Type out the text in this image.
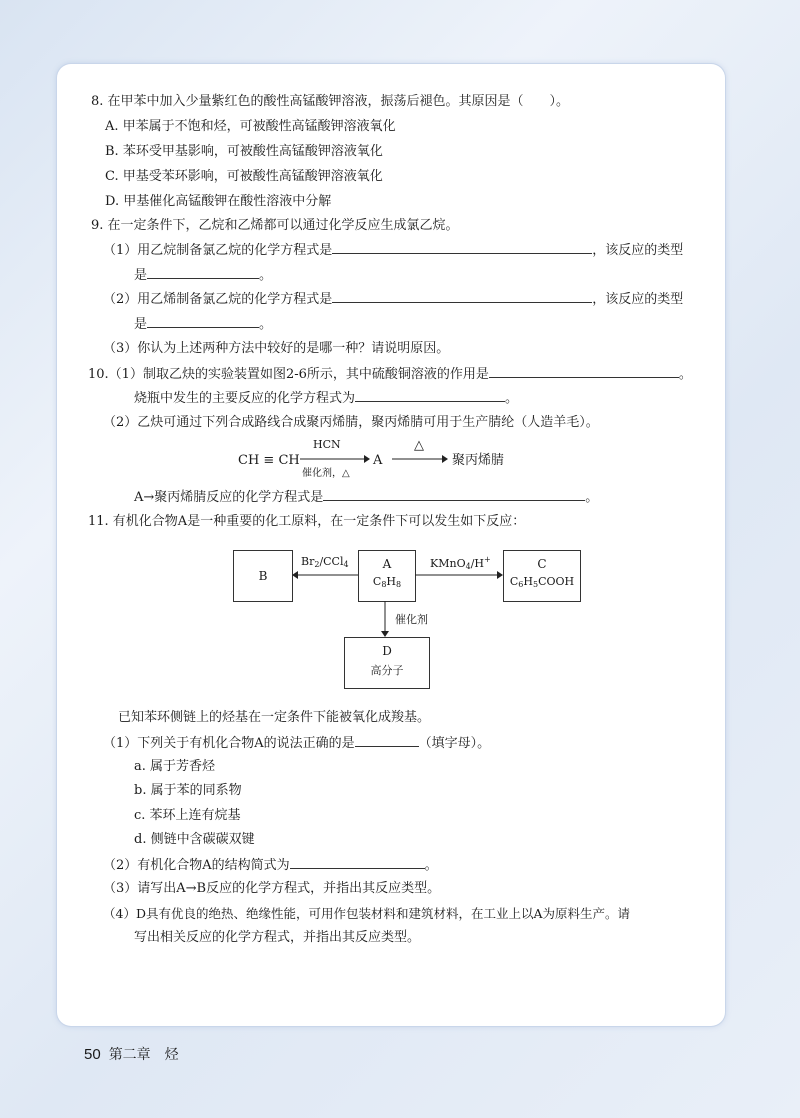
8. 在甲苯中加入少量紫红色的酸性高锰酸钾溶液，振荡后褪色。其原因是（　　）。
A. 甲苯属于不饱和烃，可被酸性高锰酸钾溶液氧化
B. 苯环受甲基影响，可被酸性高锰酸钾溶液氧化
C. 甲基受苯环影响，可被酸性高锰酸钾溶液氧化
D. 甲基催化高锰酸钾在酸性溶液中分解
9. 在一定条件下，乙烷和乙烯都可以通过化学反应生成氯乙烷。
（1）用乙烷制备氯乙烷的化学方程式是	，该反应的类型
是	。
（2）用乙烯制备氯乙烷的化学方程式是	，该反应的类型
是	。
（3）你认为上述两种方法中较好的是哪一种？请说明原因。
10.（1）制取乙炔的实验装置如图2-6所示，其中硫酸铜溶液的作用是	。
烧瓶中发生的主要反应的化学方程式为	。
（2）乙炔可通过下列合成路线合成聚丙烯腈，聚丙烯腈可用于生产腈纶（人造羊毛）。
CH ≡ CH
HCN
催化剂，△
A
△
→ 聚丙烯腈
A→聚丙烯腈反应的化学方程式是	。
11. 有机化合物A是一种重要的化工原料，在一定条件下可以发生如下反应：
B
A
$C_8H_8$
C
$C_6H_5COOH$
D
高分子
$Br_2/CCl_4$	KMnO$_4$/H+
催化剂
已知苯环侧链上的烃基在一定条件下能被氧化成羧基。
（1）下列关于有机化合物A的说法正确的是	（填字母）。
a. 属于芳香烃
b. 属于苯的同系物
c. 苯环上连有烷基
d. 侧链中含碳碳双键
（2）有机化合物A的结构简式为	。
（3）请写出A→B反应的化学方程式，并指出其反应类型。
（4）D具有优良的绝热、绝缘性能，可用作包装材料和建筑材料，在工业上以A为原料生产。请
写出相关反应的化学方程式，并指出其反应类型。
50 第二章　烃
